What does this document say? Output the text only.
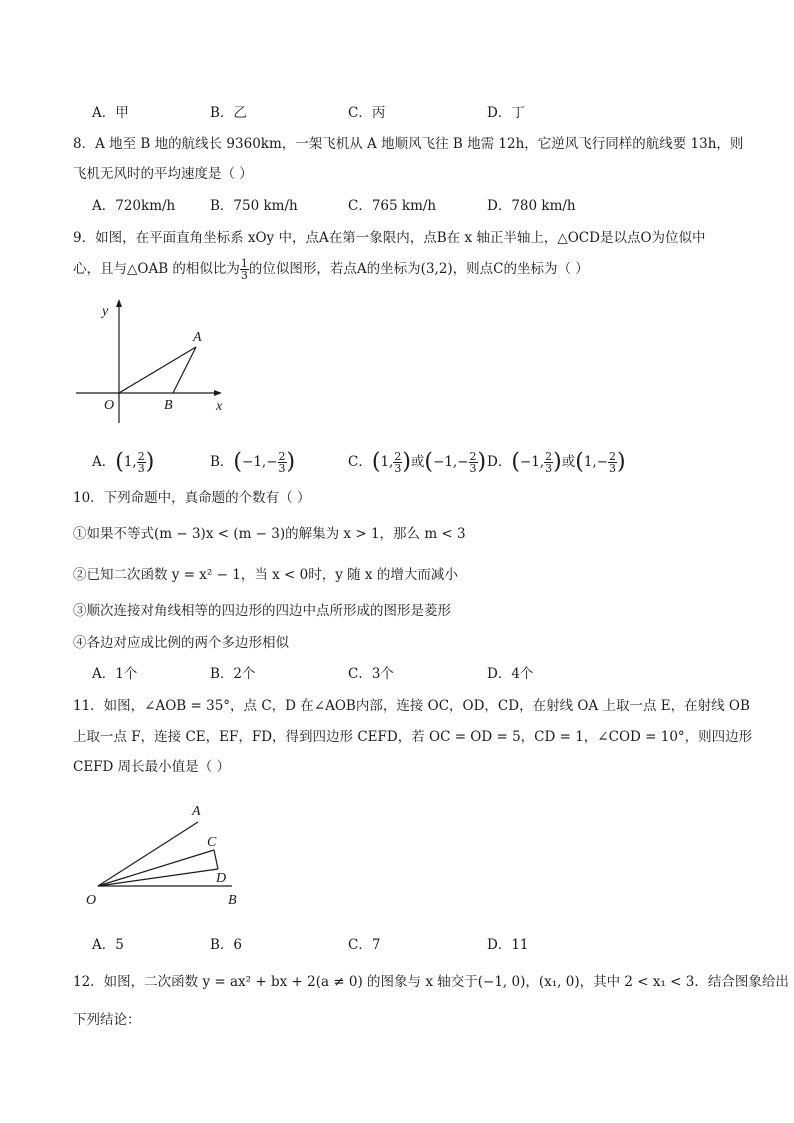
A．甲	B．乙	C．丙	D．丁
8．A 地至 B 地的航线长 9360km，一架飞机从 A 地顺风飞往 B 地需 12h，它逆风飞行同样的航线要 13h，则
飞机无风时的平均速度是（ ）
A．720km/h	B．750 km/h	C．765 km/h	D．780 km/h
9．如图，在平面直角坐标系 xOy 中，点A在第一象限内，点B在 x 轴正半轴上，△OCD是以点O为位似中
心，且与△OAB 的相似比为 $\frac{1}{3}$ 的位似图形，若点A的坐标为(3,2)，则点C的坐标为（ ）
y
x
O
A
B
A．(1, $\frac{2}{3}$ )	B．($-1,- \frac{2}{3}$ )	C．(1, $\frac{2}{3}$ )或($-1,- \frac{2}{3}$ ) D．(−1, $\frac{2}{3}$ )或($1,- \frac{2}{3}$ )
10．下列命题中，真命题的个数有（ ）
①如果不等式(m − 3)x < (m − 3)的解集为 x > 1，那么 m < 3
②已知二次函数 y = x² − 1，当 x < 0时，y 随 x 的增大而减小
③顺次连接对角线相等的四边形的四边中点所形成的图形是菱形
④各边对应成比例的两个多边形相似
A．1个	B．2个	C．3个	D．4个
11．如图，∠AOB = 35°，点 C，D 在∠AOB内部，连接 OC，OD，CD，在射线 OA 上取一点 E，在射线 OB
上取一点 F，连接 CE，EF，FD，得到四边形 CEFD，若 OC = OD = 5，CD = 1，∠COD = 10°，则四边形
CEFD 周长最小值是（ ）
A
C
D
O	B
A．5	B．6	C．7	D．11
12．如图，二次函数 y = ax² + bx + 2(a ≠ 0) 的图象与 x 轴交于(−1, 0)，(x₁, 0)，其中 2 < x₁ < 3．结合图象给出
下列结论：
